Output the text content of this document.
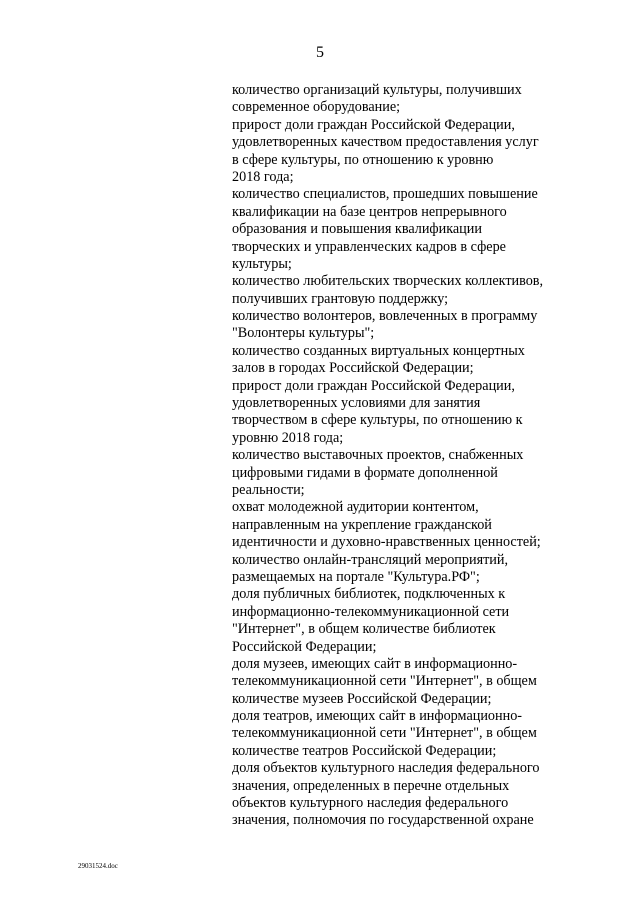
5
количество организаций культуры, получивших
современное оборудование;
прирост доли граждан Российской Федерации,
удовлетворенных качеством предоставления услуг
в сфере культуры, по отношению к уровню
2018 года;
количество специалистов, прошедших повышение
квалификации на базе центров непрерывного
образования и повышения квалификации
творческих и управленческих кадров в сфере
культуры;
количество любительских творческих коллективов,
получивших грантовую поддержку;
количество волонтеров, вовлеченных в программу
"Волонтеры культуры";
количество созданных виртуальных концертных
залов в городах Российской Федерации;
прирост доли граждан Российской Федерации,
удовлетворенных условиями для занятия
творчеством в сфере культуры, по отношению к
уровню 2018 года;
количество выставочных проектов, снабженных
цифровыми гидами в формате дополненной
реальности;
охват молодежной аудитории контентом,
направленным на укрепление гражданской
идентичности и духовно-нравственных ценностей;
количество онлайн-трансляций мероприятий,
размещаемых на портале "Культура.РФ";
доля публичных библиотек, подключенных к
информационно-телекоммуникационной сети
"Интернет", в общем количестве библиотек
Российской Федерации;
доля музеев, имеющих сайт в информационно-
телекоммуникационной сети "Интернет", в общем
количестве музеев Российской Федерации;
доля театров, имеющих сайт в информационно-
телекоммуникационной сети "Интернет", в общем
количестве театров Российской Федерации;
доля объектов культурного наследия федерального
значения, определенных в перечне отдельных
объектов культурного наследия федерального
значения, полномочия по государственной охране
29031524.doc
